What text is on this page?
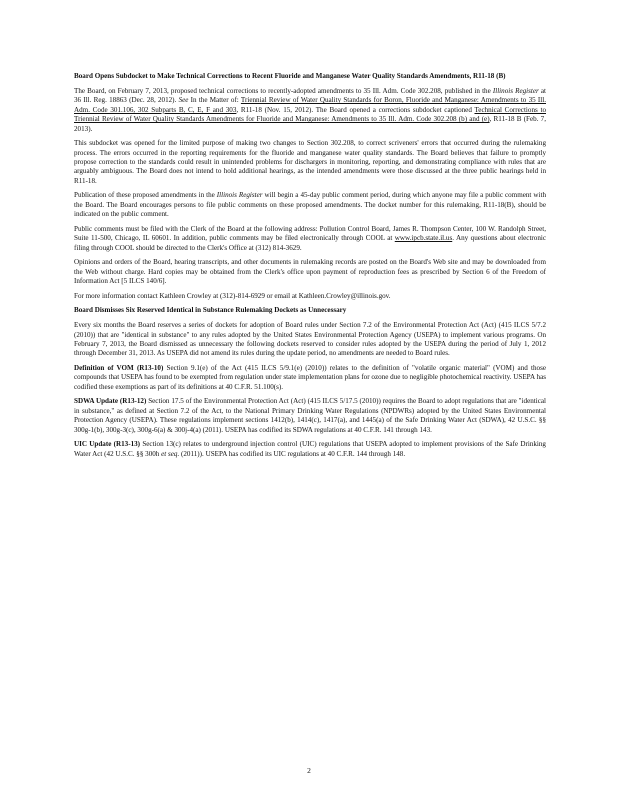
Board Opens Subdocket to Make Technical Corrections to Recent Fluoride and Manganese Water Quality Standards Amendments, R11-18 (B)

The Board, on February 7, 2013, proposed technical corrections to recently-adopted amendments to 35 Ill. Adm. Code 302.208, published in the Illinois Register at 36 Ill. Reg. 18863 (Dec. 28, 2012). See In the Matter of: Triennial Review of Water Quality Standards for Boron, Fluoride and Manganese: Amendments to 35 Ill. Adm. Code 301.106, 302 Subparts B, C, E, F and 303, R11-18 (Nov. 15, 2012). The Board opened a corrections subdocket captioned Technical Corrections to Triennial Review of Water Quality Standards Amendments for Fluoride and Manganese: Amendments to 35 Ill. Adm. Code 302.208 (b) and (e), R11-18 B (Feb. 7, 2013).

This subdocket was opened for the limited purpose of making two changes to Section 302.208, to correct scriveners' errors that occurred during the rulemaking process. The errors occurred in the reporting requirements for the fluoride and manganese water quality standards. The Board believes that failure to promptly propose correction to the standards could result in unintended problems for dischargers in monitoring, reporting, and demonstrating compliance with rules that are arguably ambiguous. The Board does not intend to hold additional hearings, as the intended amendments were those discussed at the three public hearings held in R11-18.

Publication of these proposed amendments in the Illinois Register will begin a 45-day public comment period, during which anyone may file a public comment with the Board. The Board encourages persons to file public comments on these proposed amendments. The docket number for this rulemaking, R11-18(B), should be indicated on the public comment.

Public comments must be filed with the Clerk of the Board at the following address: Pollution Control Board, James R. Thompson Center, 100 W. Randolph Street, Suite 11-500, Chicago, IL 60601. In addition, public comments may be filed electronically through COOL at www.ipcb.state.il.us. Any questions about electronic filing through COOL should be directed to the Clerk's Office at (312) 814-3629.

Opinions and orders of the Board, hearing transcripts, and other documents in rulemaking records are posted on the Board's Web site and may be downloaded from the Web without charge. Hard copies may be obtained from the Clerk's office upon payment of reproduction fees as prescribed by Section 6 of the Freedom of Information Act [5 ILCS 140/6].

For more information contact Kathleen Crowley at (312)-814-6929 or email at Kathleen.Crowley@illinois.gov.

Board Dismisses Six Reserved Identical in Substance Rulemaking Dockets as Unnecessary

Every six months the Board reserves a series of dockets for adoption of Board rules under Section 7.2 of the Environmental Protection Act (Act) (415 ILCS 5/7.2 (2010)) that are "identical in substance" to any rules adopted by the United States Environmental Protection Agency (USEPA) to implement various programs. On February 7, 2013, the Board dismissed as unnecessary the following dockets reserved to consider rules adopted by the USEPA during the period of July 1, 2012 through December 31, 2013. As USEPA did not amend its rules during the update period, no amendments are needed to Board rules.

Definition of VOM (R13-10) Section 9.1(e) of the Act (415 ILCS 5/9.1(e) (2010)) relates to the definition of "volatile organic material" (VOM) and those compounds that USEPA has found to be exempted from regulation under state implementation plans for ozone due to negligible photochemical reactivity. USEPA has codified these exemptions as part of its definitions at 40 C.F.R. 51.100(s).

SDWA Update (R13-12) Section 17.5 of the Environmental Protection Act (Act) (415 ILCS 5/17.5 (2010)) requires the Board to adopt regulations that are "identical in substance," as defined at Section 7.2 of the Act, to the National Primary Drinking Water Regulations (NPDWRs) adopted by the United States Environmental Protection Agency (USEPA). These regulations implement sections 1412(b), 1414(c), 1417(a), and 1445(a) of the Safe Drinking Water Act (SDWA), 42 U.S.C. §§ 300g-1(b), 300g-3(c), 300g-6(a) & 300j-4(a) (2011). USEPA has codified its SDWA regulations at 40 C.F.R. 141 through 143.

UIC Update (R13-13) Section 13(c) relates to underground injection control (UIC) regulations that USEPA adopted to implement provisions of the Safe Drinking Water Act (42 U.S.C. §§ 300h et seq. (2011)). USEPA has codified its UIC regulations at 40 C.F.R. 144 through 148.

2
